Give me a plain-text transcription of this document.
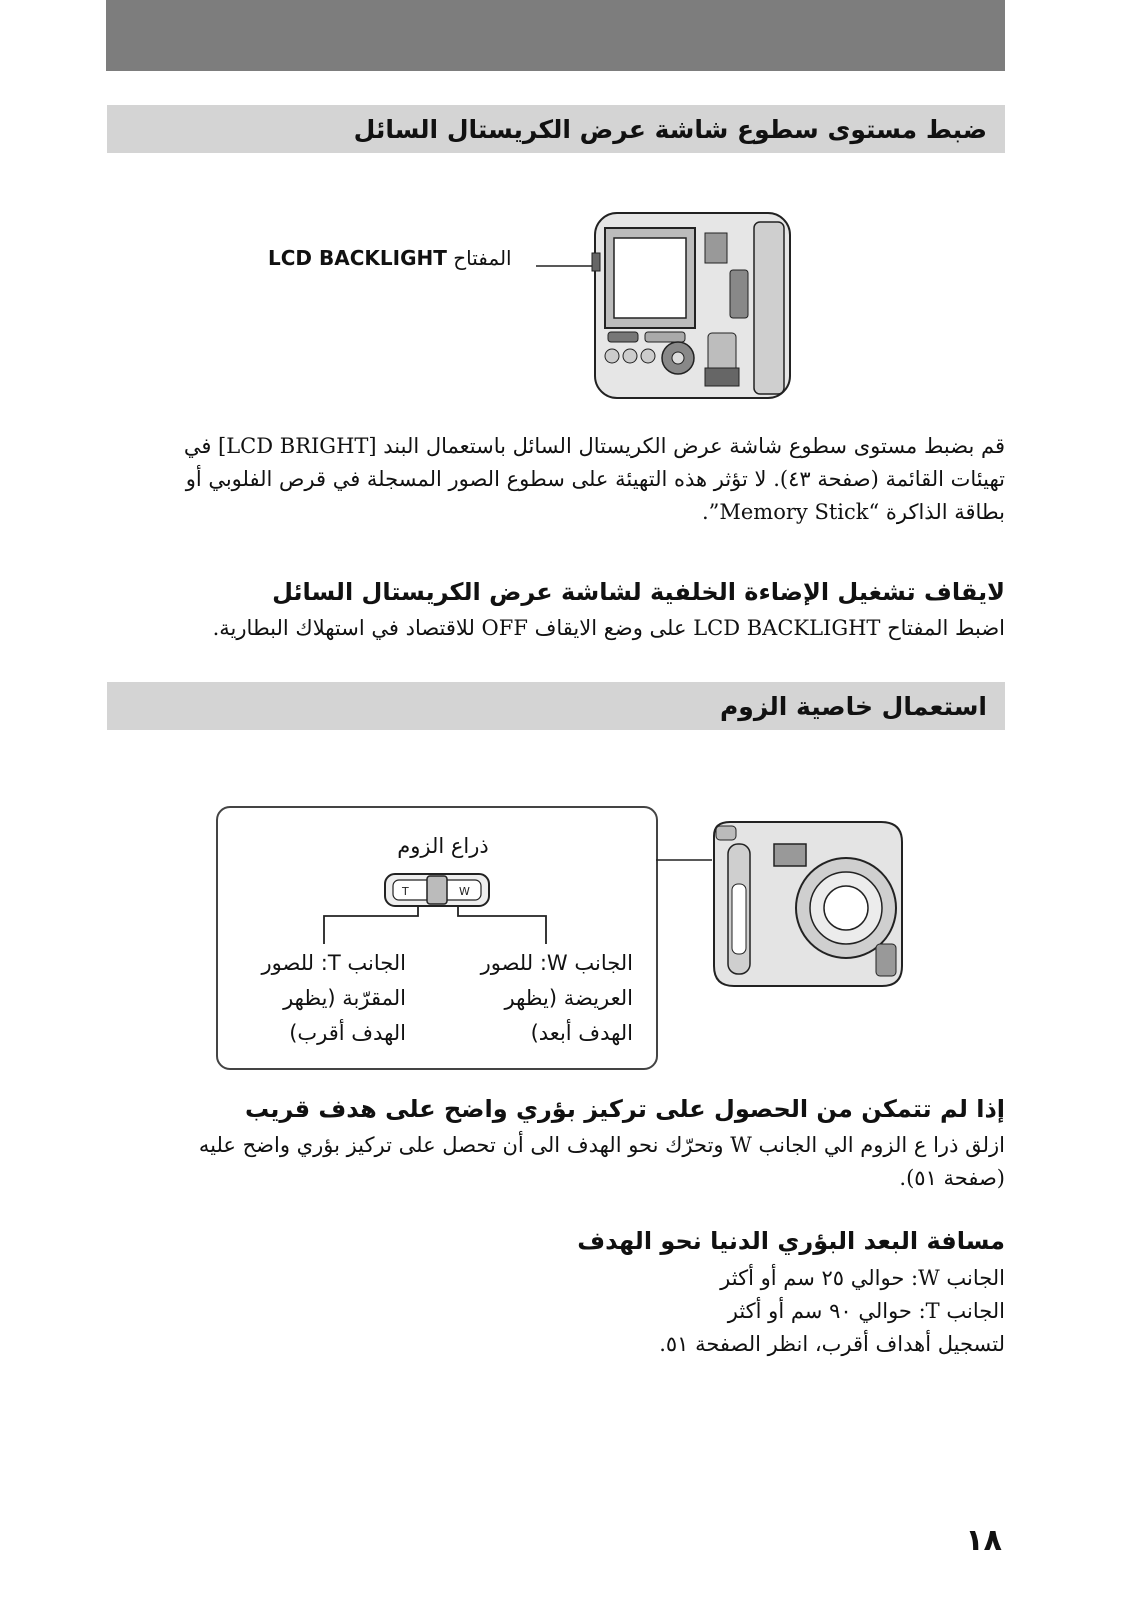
ضبط مستوى سطوع شاشة عرض الكريستال السائل
المفتاح LCD BACKLIGHT
قم بضبط مستوى سطوع شاشة عرض الكريستال السائل باستعمال البند [LCD BRIGHT] في
تهيئات القائمة (صفحة ٤٣). لا تؤثر هذه التهيئة على سطوع الصور المسجلة في قرص الفلوبي أو
بطاقة الذاكرة “Memory Stick”.
لايقاف تشغيل الإضاءة الخلفية لشاشة عرض الكريستال السائل
اضبط المفتاح LCD BACKLIGHT على وضع الايقاف OFF للاقتصاد في استهلاك البطارية.
استعمال خاصية الزوم
ذراع الزوم
T	W
الجانب W: للصور
العريضة (يظهر
الهدف أبعد)
الجانب T: للصور
المقرّبة (يظهر
الهدف أقرب)
إذا لم تتمكن من الحصول على تركيز بؤري واضح على هدف قريب
ازلق ذرا ع الزوم الي الجانب W وتحرّك نحو الهدف الى أن تحصل على تركيز بؤري واضح عليه
(صفحة ٥١).
مسافة البعد البؤري الدنيا نحو الهدف
الجانب W: حوالي ٢٥ سم أو أكثر
الجانب T: حوالي ٩٠ سم أو أكثر
لتسجيل أهداف أقرب، انظر الصفحة ٥١.
١٨
